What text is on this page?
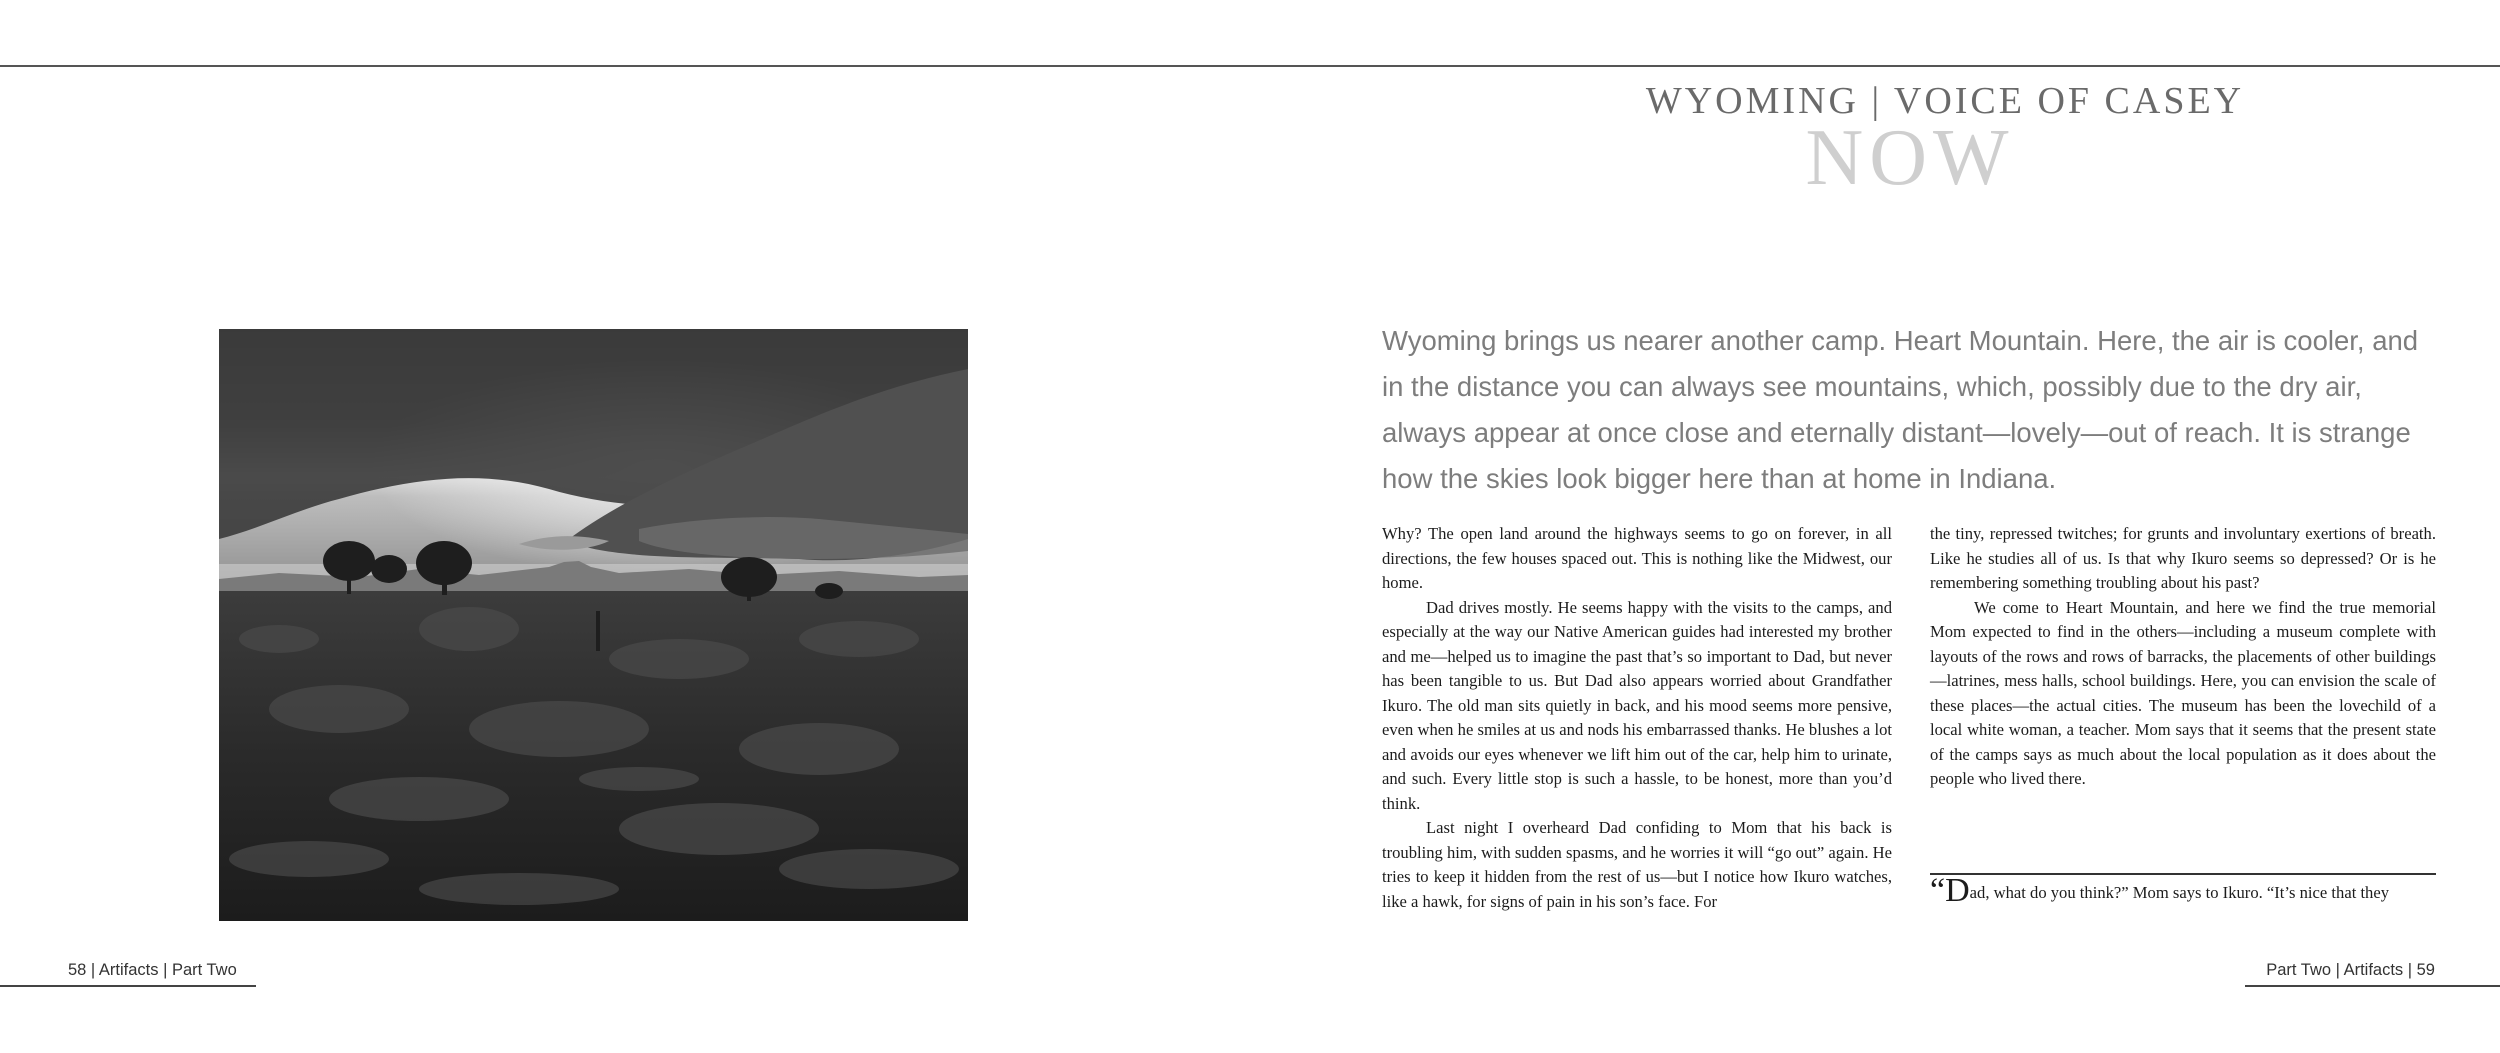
WYOMING | VOICE OF CASEY
NOW

Wyoming brings us nearer another camp. Heart Mountain. Here, the air is cooler, and in the distance you can always see mountains, which, possibly due to the dry air, always appear at once close and eternally distant—lovely—out of reach. It is strange how the skies look bigger here than at home in Indiana.

Why? The open land around the highways seems to go on forever, in all directions, the few houses spaced out. This is nothing like the Midwest, our home.

Dad drives mostly. He seems happy with the visits to the camps, and especially at the way our Native American guides had interested my brother and me—helped us to imagine the past that’s so important to Dad, but never has been tangible to us. But Dad also appears worried about Grandfather Ikuro. The old man sits quietly in back, and his mood seems more pensive, even when he smiles at us and nods his embarrassed thanks. He blushes a lot and avoids our eyes whenever we lift him out of the car, help him to urinate, and such. Every little stop is such a hassle, to be honest, more than you’d think.

Last night I overheard Dad confiding to Mom that his back is troubling him, with sudden spasms, and he worries it will “go out” again. He tries to keep it hidden from the rest of us—but I notice how Ikuro watches, like a hawk, for signs of pain in his son’s face. For

the tiny, repressed twitches; for grunts and involuntary exertions of breath. Like he studies all of us. Is that why Ikuro seems so depressed? Or is he remembering something troubling about his past?

We come to Heart Mountain, and here we find the true memorial Mom expected to find in the others—including a museum complete with layouts of the rows and rows of barracks, the placements of other buildings—latrines, mess halls, school buildings. Here, you can envision the scale of these places—the actual cities. The museum has been the lovechild of a local white woman, a teacher. Mom says that it seems that the present state of the camps says as much about the local population as it does about the people who lived there.

“Dad, what do you think?” Mom says to Ikuro. “It’s nice that they
58 | Artifacts | Part Two	Part Two | Artifacts | 59
